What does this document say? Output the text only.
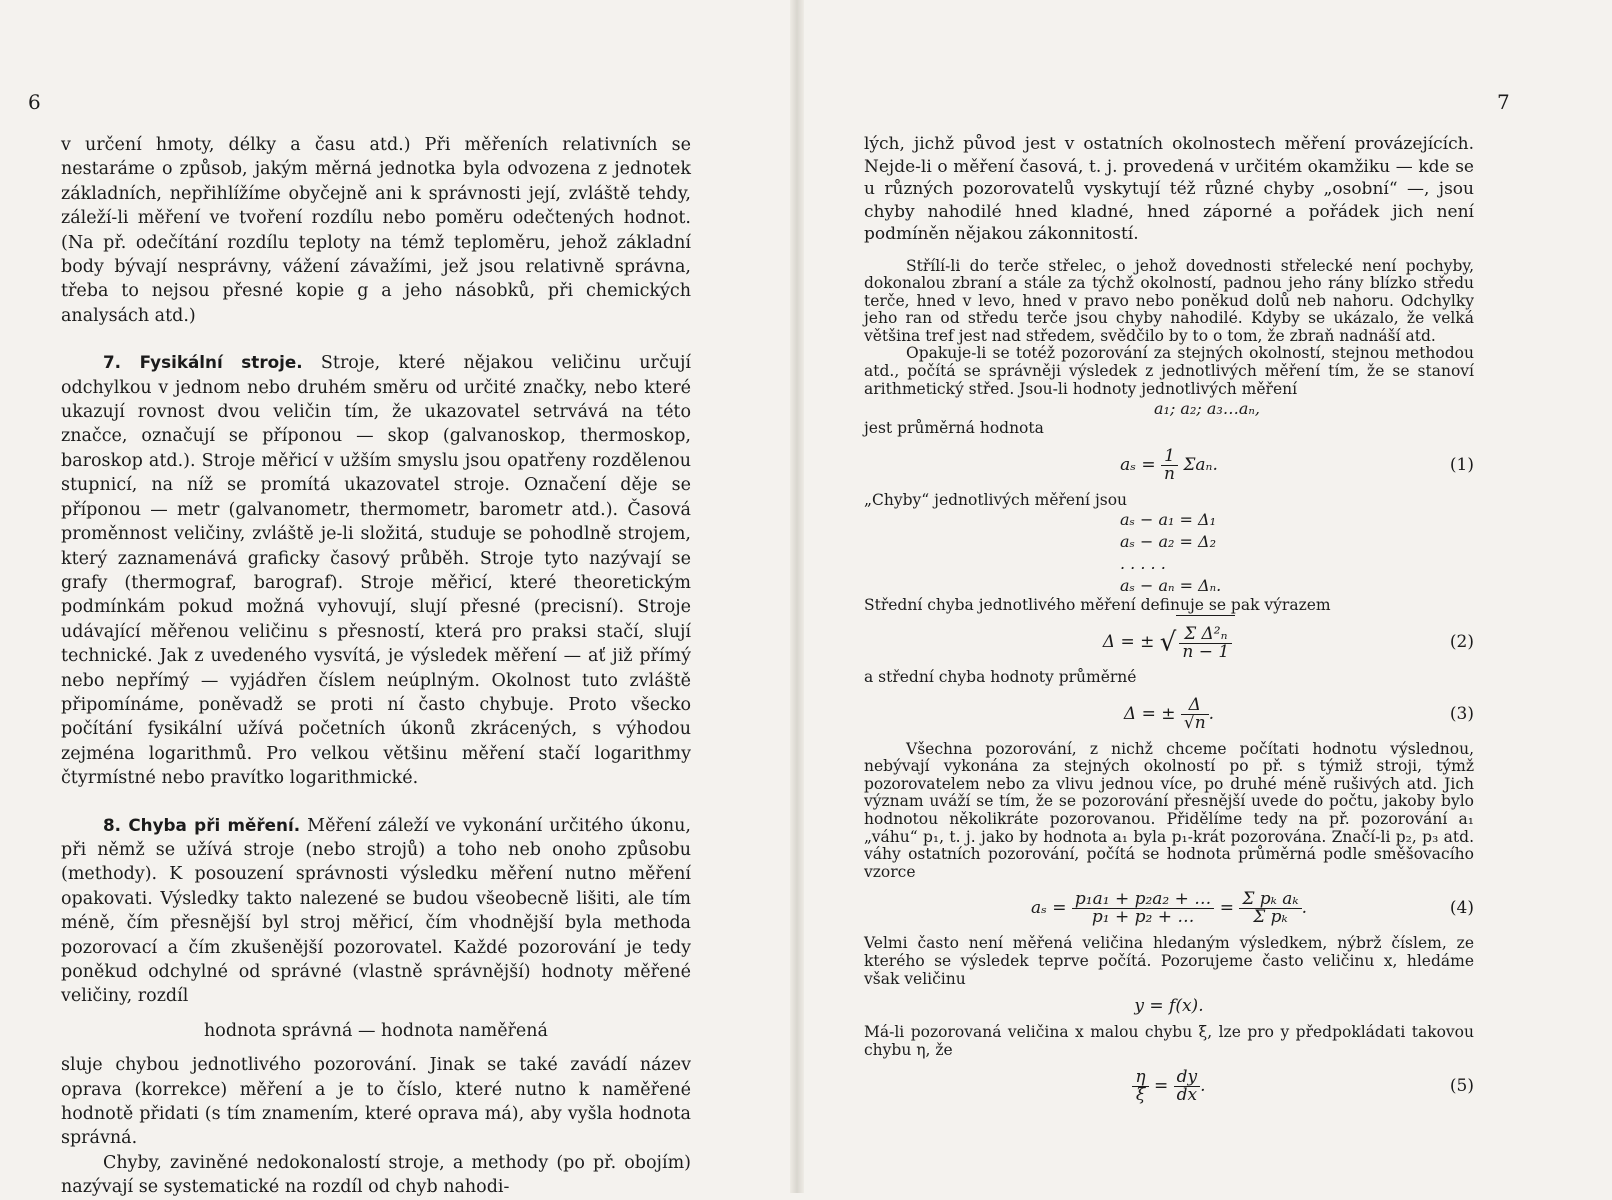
6

v určení hmoty, délky a času atd.) Při měřeních relativních se nestaráme o způsob, jakým měrná jednotka byla odvozena z jednotek základních, nepřihlížíme obyčejně ani k správnosti její, zvláště tehdy, záleží-li měření ve tvoření rozdílu nebo poměru odečtených hodnot. (Na př. odečítání rozdílu teploty na témž teploměru, jehož základní body bývají nesprávny, vážení závažími, jež jsou relativně správna, třeba to nejsou přesné kopie g a jeho násobků, při chemických analysách atd.)

7. Fysikální stroje. Stroje, které nějakou veličinu určují odchylkou v jednom nebo druhém směru od určité značky, nebo které ukazují rovnost dvou veličin tím, že ukazovatel setrvává na této značce, označují se příponou — skop (galvanoskop, thermoskop, baroskop atd.). Stroje měřicí v užším smyslu jsou opatřeny rozdělenou stupnicí, na níž se promítá ukazovatel stroje. Označení děje se příponou — metr (galvanometr, thermometr, barometr atd.). Časová proměnnost veličiny, zvláště je-li složitá, studuje se pohodlně strojem, který zaznamenává graficky časový průběh. Stroje tyto nazývají se grafy (thermograf, barograf). Stroje měřicí, které theoretickým podmínkám pokud možná vyhovují, slují přesné (precisní). Stroje udávající měřenou veličinu s přesností, která pro praksi stačí, slují technické. Jak z uvedeného vysvítá, je výsledek měření — ať již přímý nebo nepřímý — vyjádřen číslem neúplným. Okolnost tuto zvláště připomínáme, poněvadž se proti ní často chybuje. Proto všecko počítání fysikální užívá početních úkonů zkrácených, s výhodou zejména logarithmů. Pro velkou většinu měření stačí logarithmy čtyrmístné nebo pravítko logarithmické.

8. Chyba při měření. Měření záleží ve vykonání určitého úkonu, při němž se užívá stroje (nebo strojů) a toho neb onoho způsobu (methody). K posouzení správnosti výsledku měření nutno měření opakovati. Výsledky takto nalezené se budou všeobecně lišiti, ale tím méně, čím přesnější byl stroj měřicí, čím vhodnější byla methoda pozorovací a čím zkušenější pozorovatel. Každé pozorování je tedy poněkud odchylné od správné (vlastně správnější) hodnoty měřené veličiny, rozdíl

hodnota správná — hodnota naměřená

sluje chybou jednotlivého pozorování. Jinak se také zavádí název oprava (korrekce) měření a je to číslo, které nutno k naměřené hodnotě přidati (s tím znamením, které oprava má), aby vyšla hodnota správná.

Chyby, zaviněné nedokonalostí stroje, a methody (po př. obojím) nazývají se systematické na rozdíl od chyb nahodi-

7

lých, jichž původ jest v ostatních okolnostech měření provázejících. Nejde-li o měření časová, t. j. provedená v určitém okamžiku — kde se u různých pozorovatelů vyskytují též různé chyby „osobní“ —, jsou chyby nahodilé hned kladné, hned záporné a pořádek jich není podmíněn nějakou zákonnitostí.

Střílí-li do terče střelec, o jehož dovednosti střelecké není pochyby, dokonalou zbraní a stále za týchž okolností, padnou jeho rány blízko středu terče, hned v levo, hned v pravo nebo poněkud dolů neb nahoru. Odchylky jeho ran od středu terče jsou chyby nahodilé. Kdyby se ukázalo, že velká většina tref jest nad středem, svědčilo by to o tom, že zbraň nadnáší atd.

Opakuje-li se totéž pozorování za stejných okolností, stejnou methodou atd., počítá se správněji výsledek z jednotlivých měření tím, že se stanoví arithmetický střed. Jsou-li hodnoty jednotlivých měření

a₁; a₂; a₃…aₙ,

jest průměrná hodnota

$a_s = \frac{1}{n} \Sigma a_n$.	(1)

„Chyby“ jednotlivých měření jsou

aₛ − a₁ = Δ₁
aₛ − a₂ = Δ₂
. . . . .
aₛ − aₙ = Δₙ.

Střední chyba jednotlivého měření definuje se pak výrazem

Δ = ± √ $\frac{\text{Σ Δ²ₙ}}{n - 1}$	(2)

a střední chyba hodnoty průměrné

Δ = ± $\frac{\Delta}{√n}$ .	(3)

Všechna pozorování, z nichž chceme počítati hodnotu výslednou, nebývají vykonána za stejných okolností po př. s týmiž stroji, týmž pozorovatelem nebo za vlivu jednou více, po druhé méně rušivých atd. Jich význam uváží se tím, že se pozorování přesnější uvede do počtu, jakoby bylo hodnotou několikráte pozorovanou. Přidělíme tedy na př. pozorování a₁ „váhu“ p₁, t. j. jako by hodnota a₁ byla p₁-krát pozorována. Značí-li p₂, p₃ atd. váhy ostatních pozorování, počítá se hodnota průměrná podle směšovacího vzorce

$a_s = \frac{\text{p₁a₁ + p₂a₂ + …}}{\text{p₁ + p₂ + …}} = \frac{\text{Σ pₖ aₖ}}{\text{Σ pₖ}}$ .	(4)

Velmi často není měřená veličina hledaným výsledkem, nýbrž číslem, ze kterého se výsledek teprve počítá. Pozorujeme často veličinu x, hledáme však veličinu

y = f(x).

Má-li pozorovaná veličina x malou chybu ξ, lze pro y předpokládati takovou chybu η, že

$\frac{\eta}{\xi} = \frac{dy}{dx}$ .	(5)
